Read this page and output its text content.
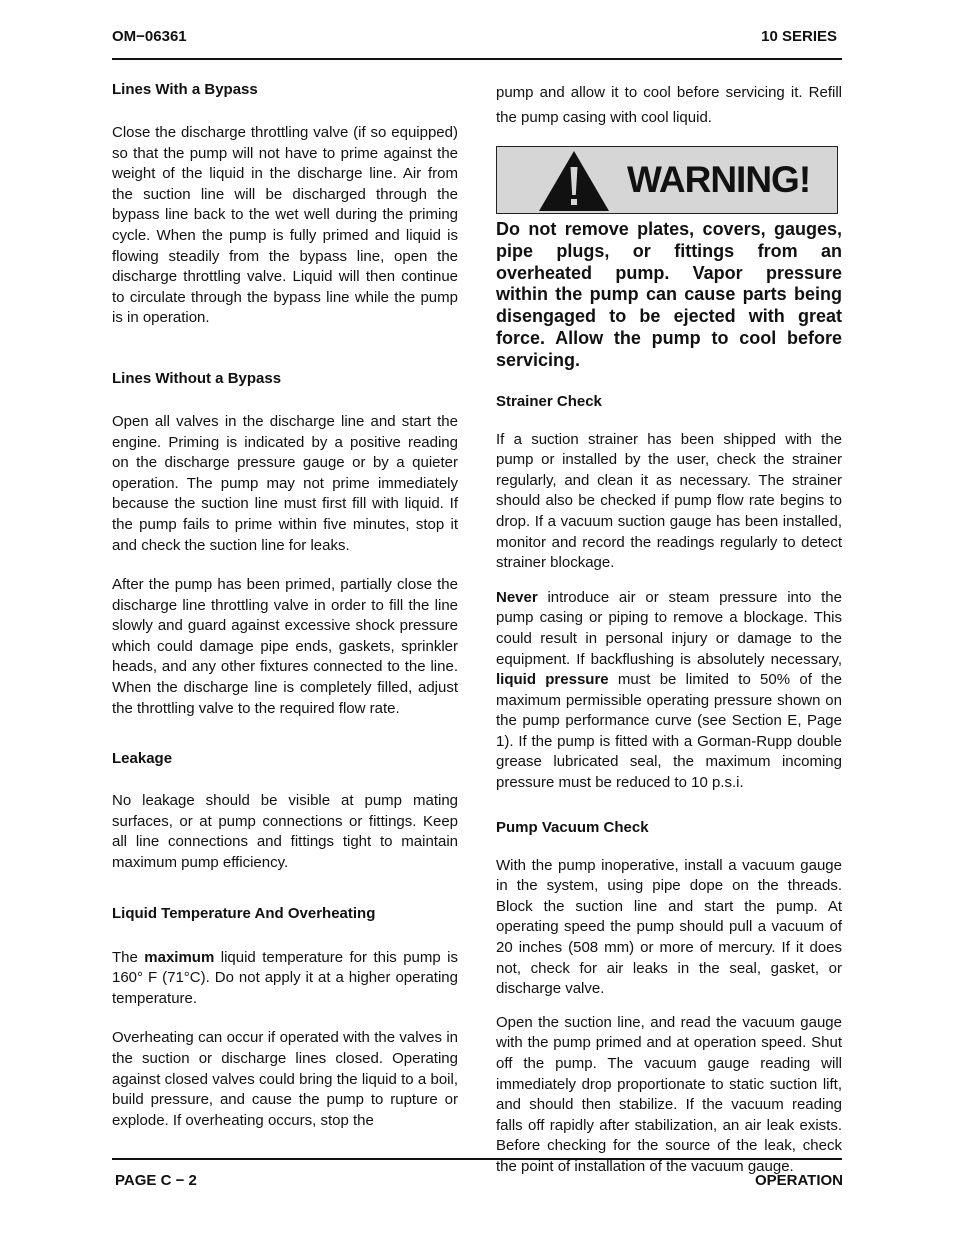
OM−06361	10 SERIES

Lines With a Bypass

Close the discharge throttling valve (if so equipped) so that the pump will not have to prime against the weight of the liquid in the discharge line. Air from the suction line will be discharged through the bypass line back to the wet well during the priming cycle. When the pump is fully primed and liquid is flowing steadily from the bypass line, open the discharge throttling valve. Liquid will then continue to circulate through the bypass line while the pump is in operation.

Lines Without a Bypass

Open all valves in the discharge line and start the engine. Priming is indicated by a positive reading on the discharge pressure gauge or by a quieter operation. The pump may not prime immediately because the suction line must first fill with liquid. If the pump fails to prime within five minutes, stop it and check the suction line for leaks.

After the pump has been primed, partially close the discharge line throttling valve in order to fill the line slowly and guard against excessive shock pressure which could damage pipe ends, gaskets, sprinkler heads, and any other fixtures connected to the line. When the discharge line is completely filled, adjust the throttling valve to the required flow rate.

Leakage

No leakage should be visible at pump mating surfaces, or at pump connections or fittings. Keep all line connections and fittings tight to maintain maximum pump efficiency.

Liquid Temperature And Overheating

The maximum liquid temperature for this pump is 160° F (71°C). Do not apply it at a higher operating temperature.

Overheating can occur if operated with the valves in the suction or discharge lines closed. Operating against closed valves could bring the liquid to a boil, build pressure, and cause the pump to rupture or explode. If overheating occurs, stop the

pump and allow it to cool before servicing it. Refill the pump casing with cool liquid.

WARNING!

Do not remove plates, covers, gauges, pipe plugs, or fittings from an overheated pump. Vapor pressure within the pump can cause parts being disengaged to be ejected with great force. Allow the pump to cool before servicing.

Strainer Check

If a suction strainer has been shipped with the pump or installed by the user, check the strainer regularly, and clean it as necessary. The strainer should also be checked if pump flow rate begins to drop. If a vacuum suction gauge has been installed, monitor and record the readings regularly to detect strainer blockage.

Never introduce air or steam pressure into the pump casing or piping to remove a blockage. This could result in personal injury or damage to the equipment. If backflushing is absolutely necessary, liquid pressure must be limited to 50% of the maximum permissible operating pressure shown on the pump performance curve (see Section E, Page 1). If the pump is fitted with a Gorman-Rupp double grease lubricated seal, the maximum incoming pressure must be reduced to 10 p.s.i.

Pump Vacuum Check

With the pump inoperative, install a vacuum gauge in the system, using pipe dope on the threads. Block the suction line and start the pump. At operating speed the pump should pull a vacuum of 20 inches (508 mm) or more of mercury. If it does not, check for air leaks in the seal, gasket, or discharge valve.

Open the suction line, and read the vacuum gauge with the pump primed and at operation speed. Shut off the pump. The vacuum gauge reading will immediately drop proportionate to static suction lift, and should then stabilize. If the vacuum reading falls off rapidly after stabilization, an air leak exists. Before checking for the source of the leak, check the point of installation of the vacuum gauge.

PAGE C − 2	OPERATION
